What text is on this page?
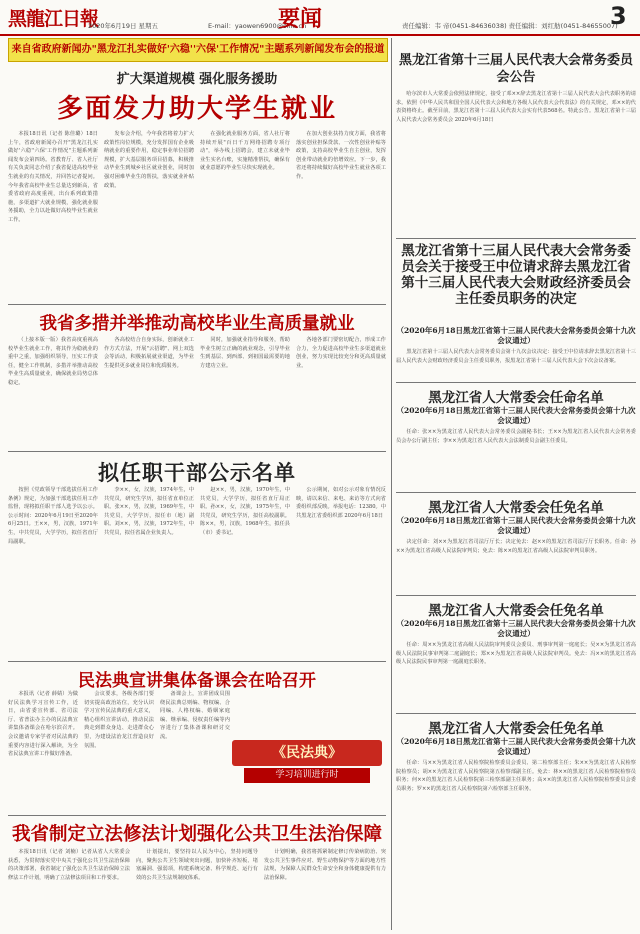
黑龍江日報
2020年6月19日 星期五	E-mail：yaowen6900@sina.cn
要闻	责任编辑：韦 帝(0451-84636038) 责任编辑：刘红舫(0451-84655007)
3
来自省政府新闻办"黑龙江扎实做好'六稳''六保'工作情况"主题系列新闻发布会的报道
扩大渠道规模 强化服务援助
多面发力助大学生就业

本报18日讯（记者 陈佳璐）18日上午，省政府新闻办召开"黑龙江扎实做好'六稳''六保'工作情况"主题系列新闻发布会第四场。省教育厅、省人社厅有关负责同志介绍了我省促进高校毕业生就业的有关情况，并回答记者提问。今年我省高校毕业生总量达到新高，省委省政府高度重视，出台系列政策措施，多渠道扩大就业规模，强化就业服务援助，全力以赴做好高校毕业生就业工作。

发布会介绍，今年我省将着力扩大政策性岗位规模，充分发挥国有企业吸纳就业的重要作用，稳定事业单位招聘规模，扩大基层服务项目招募，积极推动毕业生到城乡社区就业创业，同时加强对困难毕业生的帮扶，落实就业补贴政策。

在强化就业服务方面，省人社厅将持续开展"百日千万网络招聘专项行动"，举办线上招聘会，建立未就业毕业生实名台账，实施精准帮扶，确保有就业意愿的毕业生尽快实现就业。

在加大创业扶持力度方面，我省将落实创业担保贷款、一次性创业补贴等政策，支持高校毕业生自主创业，发挥创业带动就业的倍增效应。下一步，我省还将持续做好高校毕业生就业各项工作。

我省多措并举推动高校毕业生高质量就业

（上接本版一版）我省高度重视高校毕业生就业工作，将其作为稳就业的重中之重，加强组织领导，压实工作责任，健全工作机制，多措并举推动高校毕业生高质量就业，确保就业局势总体稳定。

各高校结合自身实际，创新就业工作方式方法，开展"云招聘"、网上双选会等活动，积极拓展就业渠道，为毕业生提供更多就业岗位和优质服务。

同时，加强就业指导和服务，帮助毕业生树立正确的就业观念，引导毕业生到基层、到西部、到祖国最需要的地方建功立业。

各地各部门要密切配合，形成工作合力，全力促进高校毕业生多渠道就业创业，努力实现比较充分和更高质量就业。

拟任职干部公示名单

按照《党政领导干部选拔任用工作条例》规定，为加强干部选拔任用工作监督，现将拟任职干部人选予以公示。公示时间：2020年6月19日至2020年6月25日。王××，男，汉族，1971年生，中共党员，大学学历，拟任省直厅局副职。

李××，女，汉族，1974年生，中共党员，研究生学历，拟任省直单位正职。张××，男，汉族，1969年生，中共党员，大学学历，拟任市（地）副职。刘××，男，汉族，1972年生，中共党员，拟任省属企业负责人。

赵××，男，汉族，1970年生，中共党员，大学学历，拟任省直厅局正职。孙××，女，汉族，1975年生，中共党员，研究生学历，拟任高校副职。陈××，男，汉族，1968年生，拟任县（市）委书记。

公示期间，如对公示对象有情况反映，请以来信、来电、来访等方式向省委组织部反映。举报电话：12380。中共黑龙江省委组织部 2020年6月18日

民法典宣讲集体备课会在哈召开

本报讯（记者 薛婧）为做好民法典学习宣传工作，近日，由省委宣传部、省司法厅、省普法办主办的民法典宣讲集体备课会在哈尔滨召开。会议邀请专家学者对民法典的重要内容进行深入解读，为全省民法典宣讲工作做好准备。

会议要求，各级各部门要切实提高政治站位，充分认识学习宣传民法典的重大意义，精心组织宣讲活动，推动民法典走到群众身边、走进群众心里，为建设法治龙江营造良好氛围。

备课会上，宣讲团成员围绕民法典总则编、物权编、合同编、人格权编、婚姻家庭编、继承编、侵权责任编等内容进行了集体备课和研讨交流。

《民法典》
学习培训进行时
我省制定立法修法计划强化公共卫生法治保障

本报18日讯（记者 刘楠）记者从省人大常委会获悉，为贯彻落实党中央关于强化公共卫生法治保障的决策部署，我省制定了强化公共卫生法治保障立法修法工作计划，明确了立法修法项目和工作要求。

计划提出，要坚持以人民为中心，坚持问题导向，聚焦公共卫生领域突出问题，加快补齐短板、堵塞漏洞、强弱项，构建系统完备、科学规范、运行有效的公共卫生法规制度体系。

计划明确，我省将抓紧制定修订传染病防治、突发公共卫生事件应对、野生动物保护等方面的地方性法规，为保障人民群众生命安全和身体健康提供有力法治保障。

黑龙江省第十三届人民代表大会常务委员会公告

哈尔滨市人大常委会依照法律规定，接受了邓××辞去黑龙江省第十三届人民代表大会代表职务的请求。依照《中华人民共和国全国人民代表大会和地方各级人民代表大会代表法》的有关规定，邓××的代表资格终止。截至目前，黑龙江省第十三届人民代表大会实有代表568名。特此公告。黑龙江省第十三届人民代表大会常务委员会 2020年6月18日

黑龙江省第十三届人民代表大会常务委员会关于接受王中位请求辞去黑龙江省第十三届人民代表大会财政经济委员会主任委员职务的决定
（2020年6月18日黑龙江省第十三届人民代表大会常务委员会第十九次会议通过）

黑龙江省第十三届人民代表大会常务委员会第十九次会议决定：接受王中位请求辞去黑龙江省第十三届人民代表大会财政经济委员会主任委员职务，报黑龙江省第十三届人民代表大会下次会议备案。

黑龙江省人大常委会任命名单
（2020年6月18日黑龙江省第十三届人民代表大会常务委员会第十九次会议通过）

任命：张××为黑龙江省人民代表大会常务委员会副秘书长；王××为黑龙江省人民代表大会常务委员会办公厅副主任；李××为黑龙江省人民代表大会法制委员会副主任委员。

黑龙江省人大常委会任免名单
（2020年6月18日黑龙江省第十三届人民代表大会常务委员会第十九次会议通过）

决定任命：刘××为黑龙江省司法厅厅长；决定免去：赵××的黑龙江省司法厅厅长职务。任命：孙××为黑龙江省高级人民法院审判员；免去：陈××的黑龙江省高级人民法院审判员职务。

黑龙江省人大常委会任免名单
（2020年6月18日黑龙江省第十三届人民代表大会常务委员会第十九次会议通过）

任命：周××为黑龙江省高级人民法院审判委员会委员、刑事审判第一庭庭长；吴××为黑龙江省高级人民法院民事审判第二庭副庭长；郑××为黑龙江省高级人民法院审判员。免去：冯××的黑龙江省高级人民法院民事审判第一庭副庭长职务。

黑龙江省人大常委会任免名单
（2020年6月18日黑龙江省第十三届人民代表大会常务委员会第十九次会议通过）

任命：马××为黑龙江省人民检察院检察委员会委员、第二检察部主任；朱××为黑龙江省人民检察院检察员；胡××为黑龙江省人民检察院第五检察部副主任。免去：林××的黑龙江省人民检察院检察员职务；何××的黑龙江省人民检察院第三检察部副主任职务；高××的黑龙江省人民检察院检察委员会委员职务；罗××的黑龙江省人民检察院第六检察部主任职务。
